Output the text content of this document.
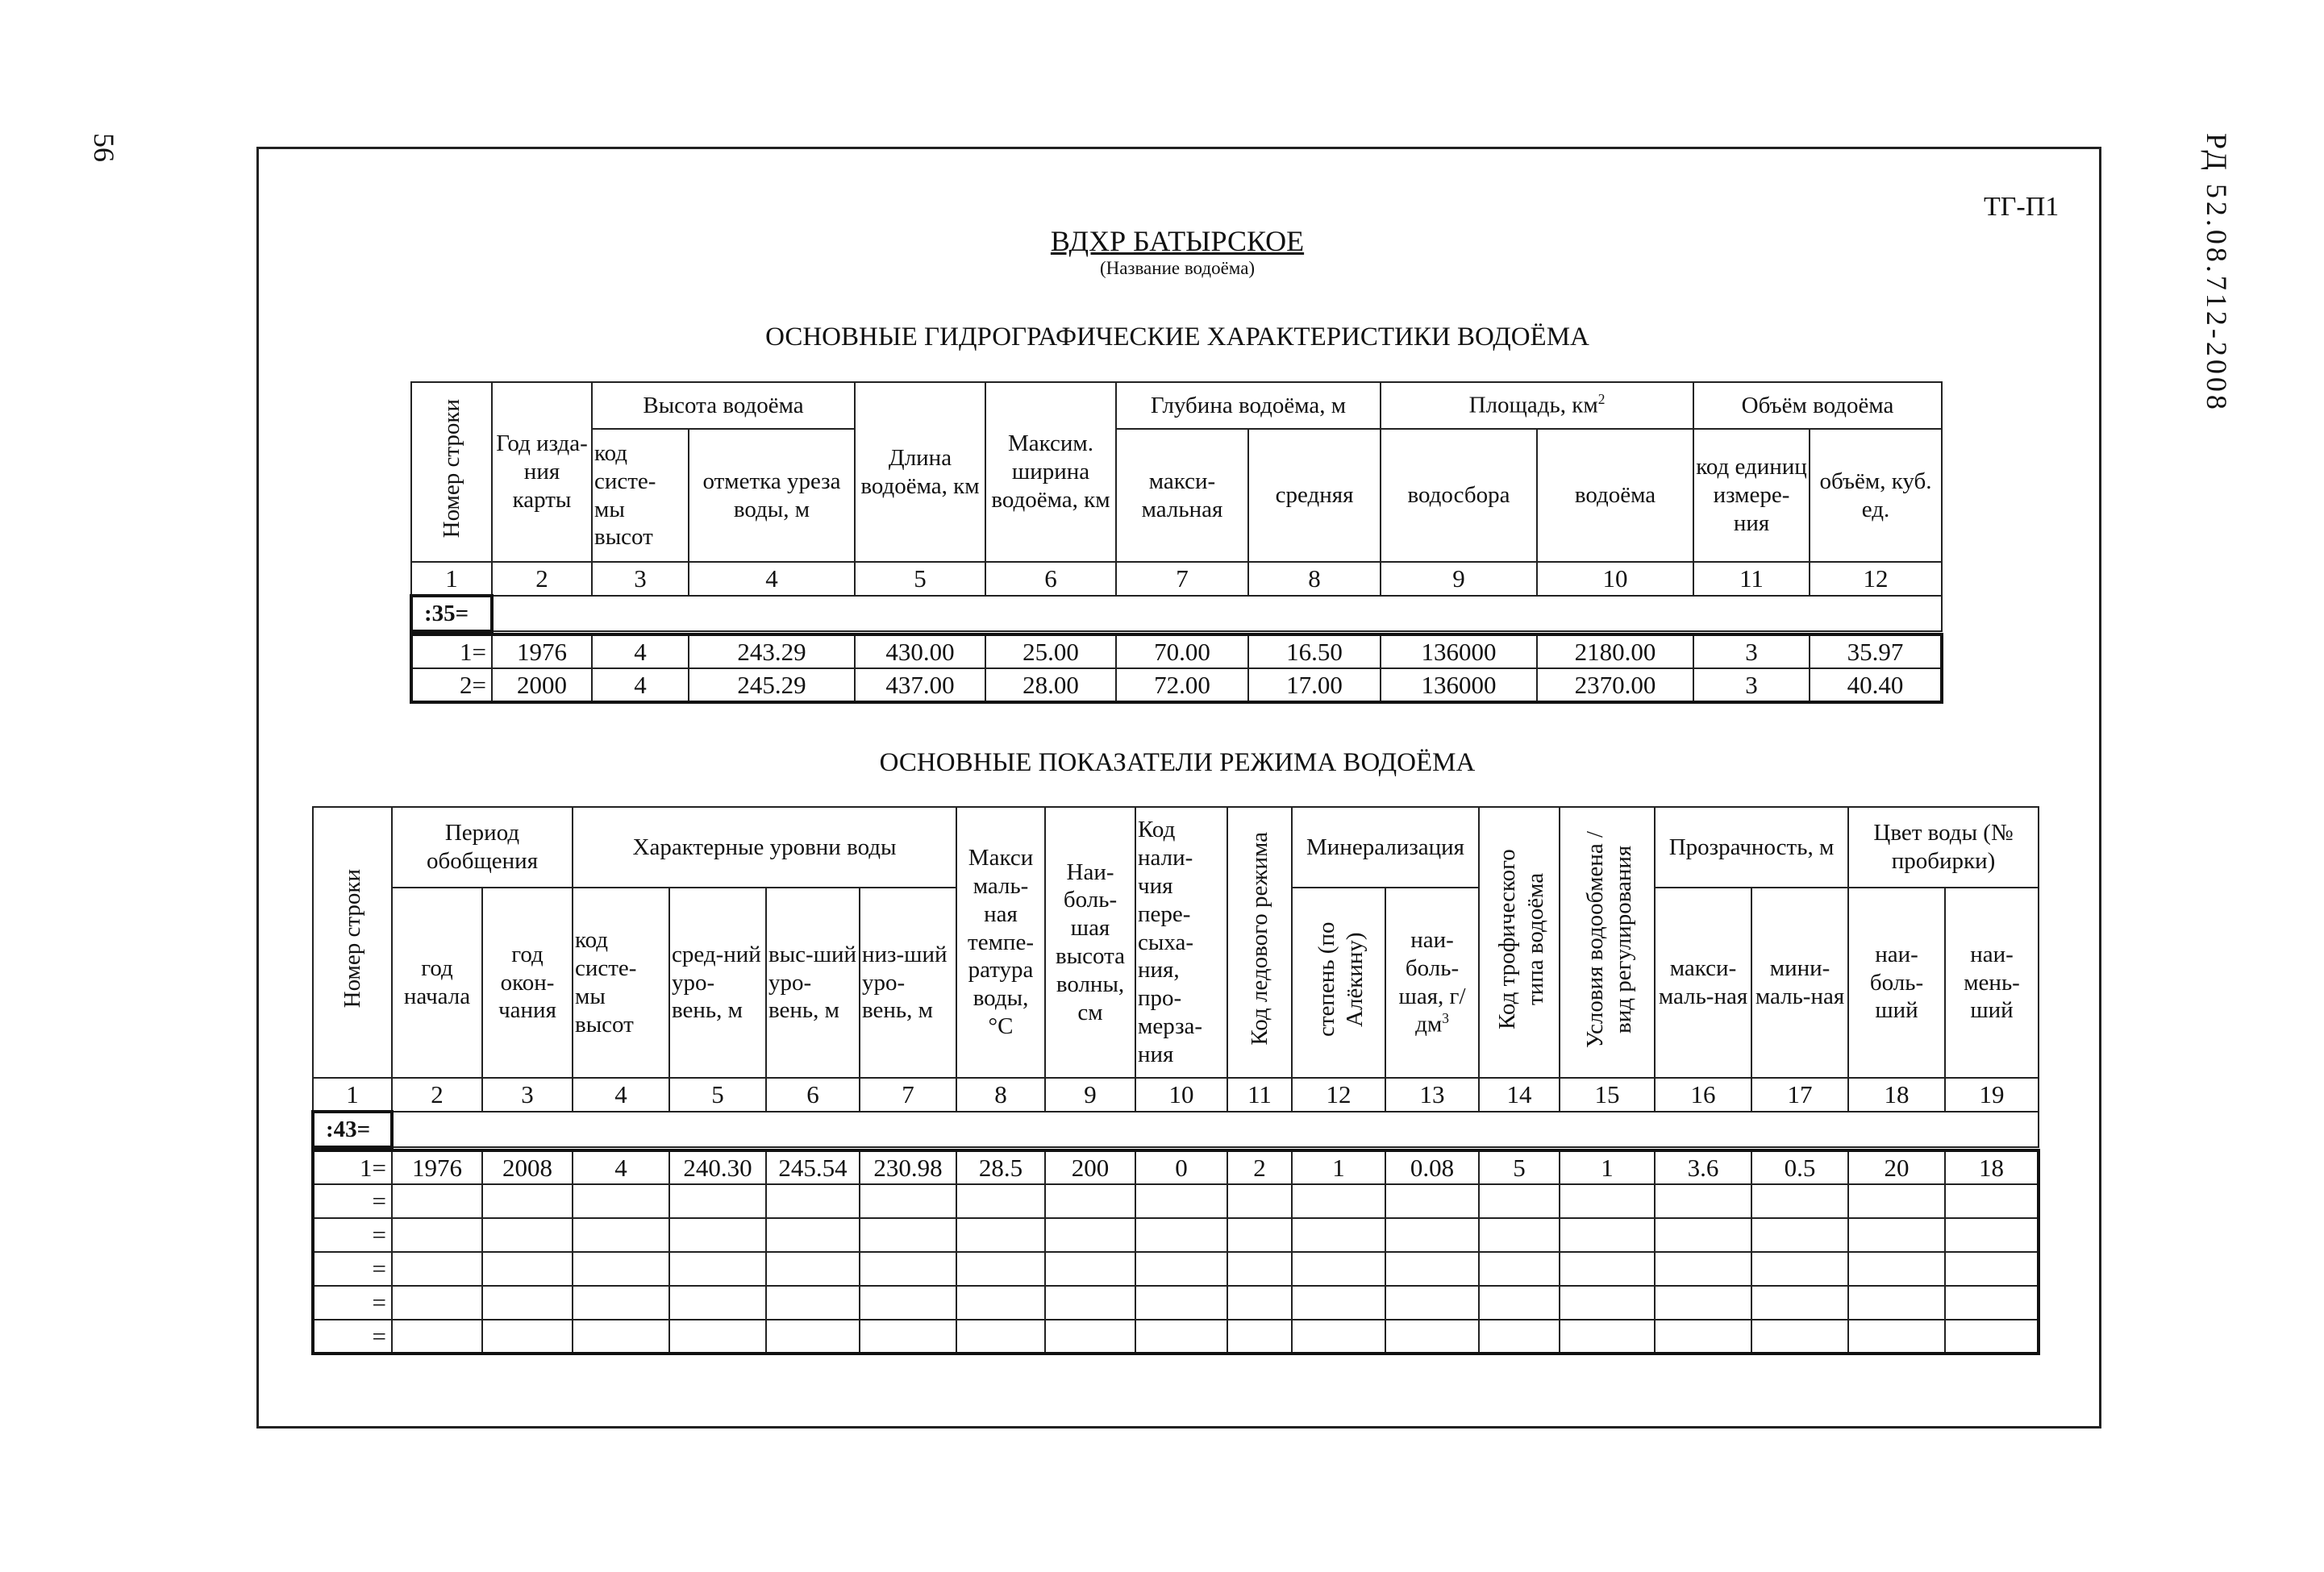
56	РД 52.08.712-2008
ТГ-П1
ВДХР БАТЫРСКОЕ
(Название водоёма)
ОСНОВНЫЕ ГИДРОГРАФИЧЕСКИЕ ХАРАКТЕРИСТИКИ ВОДОЁМА
Номер строки	Год изда-ния карты	Высота водоёма		Длина водоёма, км	Максим. ширина водоёма, км	Глубина водоёма, м		Площадь, $км^2$		Объём водоёма	
		код систе-мы высот	отметка уреза воды, м			макси-мальная	средняя	водосбора	водоёма	код единиц измере-ния	объём, куб. ед.
1	2	3	4	5	6	7	8	9	10	11	12
:35=											

1=	1976	4	243.29	430.00	25.00	70.00	16.50	136000	2180.00	3	35.97
2=	2000	4	245.29	437.00	28.00	72.00	17.00	136000	2370.00	3	40.40
ОСНОВНЫЕ ПОКАЗАТЕЛИ РЕЖИМА ВОДОЁМА
Номер строки	Период обобщения		Характерные уровни воды				Макси маль-ная темпе-ратура воды, °С	Наи-боль-шая высота волны, см	Код нали-чия пере-сыха-ния, про-мерза-ния	Код ледового режима	Минерализация		Код трофического типа водоёма	Условия водообмена / вид регулирования	Прозрачность, м		Цвет воды (№ пробирки)	
	год начала	год окон-чания	код систе-мы высот	сред-ний уро-вень, м	выс-ший уро-вень, м	низ-ший уро-вень, м					степень (по Алёкину)	наи-боль-шая, $г/дм^3$			макси-маль-ная	мини-маль-ная	наи-боль-ший	наи-мень-ший
1	2	3	4	5	6	7	8	9	10	11	12	13	14	15	16	17	18	19
:43=																		

1=	1976	2008	4	240.30	245.54	230.98	28.5	200	0	2	1	0.08	5	1	3.6	0.5	20	18
=																		
=																		
=																		
=																		
=																		
